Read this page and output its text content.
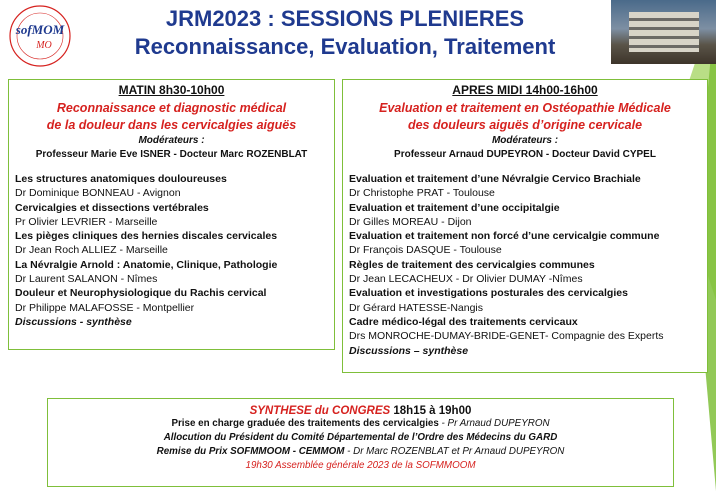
sofMOM
MO
JRM2023 : SESSIONS PLENIERES
Reconnaissance, Evaluation, Traitement
MATIN 8h30-10h00
Reconnaissance et diagnostic médical
de la douleur dans les cervicalgies aiguës
Modérateurs :
Professeur Marie Eve ISNER - Docteur Marc ROZENBLAT
Les structures anatomiques douloureuses
Dr Dominique BONNEAU - Avignon
Cervicalgies et dissections vertébrales
Pr Olivier LEVRIER - Marseille
Les pièges cliniques des hernies discales cervicales
Dr Jean Roch ALLIEZ - Marseille
La Névralgie Arnold : Anatomie, Clinique, Pathologie
Dr Laurent SALANON - Nîmes
Douleur et Neurophysiologique du Rachis cervical
Dr Philippe MALAFOSSE - Montpellier
Discussions - synthèse
APRES MIDI 14h00-16h00
Evaluation et traitement en Ostéopathie Médicale
des douleurs aiguës d’origine cervicale
Modérateurs :
Professeur Arnaud DUPEYRON - Docteur David CYPEL
Evaluation et traitement d’une Névralgie Cervico Brachiale
Dr Christophe PRAT - Toulouse
Evaluation et traitement d’une occipitalgie
Dr Gilles MOREAU - Dijon
Evaluation et traitement non forcé d’une cervicalgie commune
Dr François DASQUE - Toulouse
Règles de traitement des cervicalgies communes
Dr Jean LECACHEUX - Dr Olivier DUMAY -Nîmes
Evaluation et investigations posturales des cervicalgies
Dr Gérard HATESSE-Nangis
Cadre médico-légal des traitements cervicaux
Drs MONROCHE-DUMAY-BRIDE-GENET- Compagnie des Experts
Discussions – synthèse
SYNTHESE du CONGRES 18h15 à 19h00
Prise en charge graduée des traitements des cervicalgies - Pr Arnaud DUPEYRON
Allocution du Président du Comité Départemental de l’Ordre des Médecins du GARD
Remise du Prix SOFMMOOM - CEMMOM - Dr Marc ROZENBLAT et Pr Arnaud DUPEYRON
19h30 Assemblée générale 2023 de la SOFMMOOM
